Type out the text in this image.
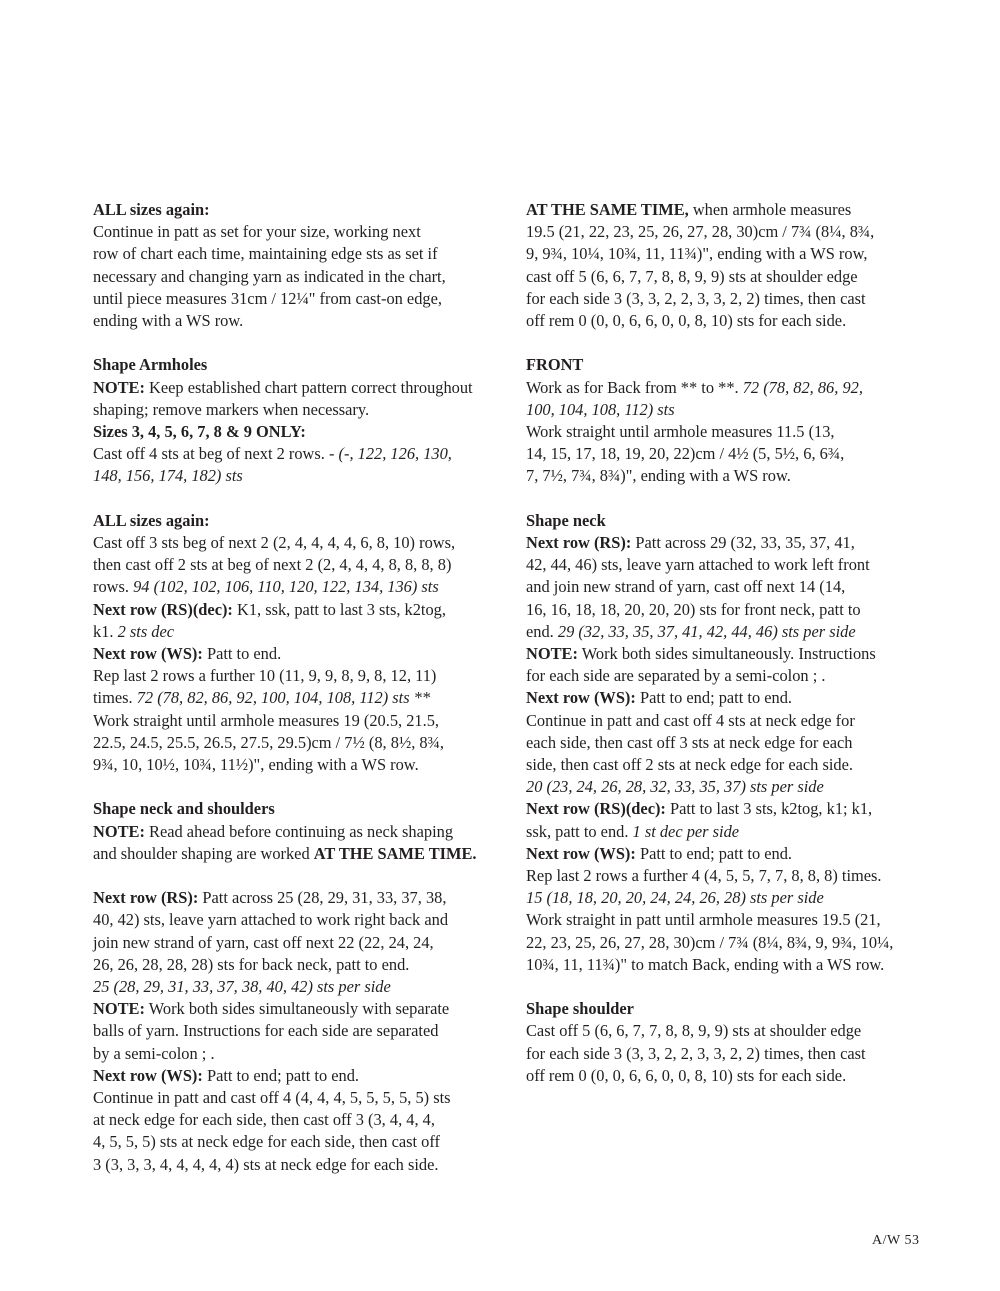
ALL sizes again:
Continue in patt as set for your size, working next
row of chart each time, maintaining edge sts as set if
necessary and changing yarn as indicated in the chart,
until piece measures 31cm / 12¼" from cast-on edge,
ending with a WS row.
Shape Armholes
NOTE: Keep established chart pattern correct throughout
shaping; remove markers when necessary.
Sizes 3, 4, 5, 6, 7, 8 & 9 ONLY:
Cast off 4 sts at beg of next 2 rows. - (-, 122, 126, 130,
148, 156, 174, 182) sts
ALL sizes again:
Cast off 3 sts beg of next 2 (2, 4, 4, 4, 4, 6, 8, 10) rows,
then cast off 2 sts at beg of next 2 (2, 4, 4, 4, 8, 8, 8, 8)
rows. 94 (102, 102, 106, 110, 120, 122, 134, 136) sts
Next row (RS)(dec): K1, ssk, patt to last 3 sts, k2tog,
k1. 2 sts dec
Next row (WS): Patt to end.
Rep last 2 rows a further 10 (11, 9, 9, 8, 9, 8, 12, 11)
times. 72 (78, 82, 86, 92, 100, 104, 108, 112) sts **
Work straight until armhole measures 19 (20.5, 21.5,
22.5, 24.5, 25.5, 26.5, 27.5, 29.5)cm / 7½ (8, 8½, 8¾,
9¾, 10, 10½, 10¾, 11½)", ending with a WS row.
Shape neck and shoulders
NOTE: Read ahead before continuing as neck shaping
and shoulder shaping are worked AT THE SAME TIME.
Next row (RS): Patt across 25 (28, 29, 31, 33, 37, 38,
40, 42) sts, leave yarn attached to work right back and
join new strand of yarn, cast off next 22 (22, 24, 24,
26, 26, 28, 28, 28) sts for back neck, patt to end.
25 (28, 29, 31, 33, 37, 38, 40, 42) sts per side
NOTE: Work both sides simultaneously with separate
balls of yarn. Instructions for each side are separated
by a semi-colon ; .
Next row (WS): Patt to end; patt to end.
Continue in patt and cast off 4 (4, 4, 4, 5, 5, 5, 5, 5) sts
at neck edge for each side, then cast off 3 (3, 4, 4, 4,
4, 5, 5, 5) sts at neck edge for each side, then cast off
3 (3, 3, 3, 4, 4, 4, 4, 4) sts at neck edge for each side.
AT THE SAME TIME, when armhole measures
19.5 (21, 22, 23, 25, 26, 27, 28, 30)cm / 7¾ (8¼, 8¾,
9, 9¾, 10¼, 10¾, 11, 11¾)", ending with a WS row,
cast off 5 (6, 6, 7, 7, 8, 8, 9, 9) sts at shoulder edge
for each side 3 (3, 3, 2, 2, 3, 3, 2, 2) times, then cast
off rem 0 (0, 0, 6, 6, 0, 0, 8, 10) sts for each side.
FRONT
Work as for Back from ** to **. 72 (78, 82, 86, 92,
100, 104, 108, 112) sts
Work straight until armhole measures 11.5 (13,
14, 15, 17, 18, 19, 20, 22)cm / 4½ (5, 5½, 6, 6¾,
7, 7½, 7¾, 8¾)", ending with a WS row.
Shape neck
Next row (RS): Patt across 29 (32, 33, 35, 37, 41,
42, 44, 46) sts, leave yarn attached to work left front
and join new strand of yarn, cast off next 14 (14,
16, 16, 18, 18, 20, 20, 20) sts for front neck, patt to
end. 29 (32, 33, 35, 37, 41, 42, 44, 46) sts per side
NOTE: Work both sides simultaneously. Instructions
for each side are separated by a semi-colon ; .
Next row (WS): Patt to end; patt to end.
Continue in patt and cast off 4 sts at neck edge for
each side, then cast off 3 sts at neck edge for each
side, then cast off 2 sts at neck edge for each side.
20 (23, 24, 26, 28, 32, 33, 35, 37) sts per side
Next row (RS)(dec): Patt to last 3 sts, k2tog, k1; k1,
ssk, patt to end. 1 st dec per side
Next row (WS): Patt to end; patt to end.
Rep last 2 rows a further 4 (4, 5, 5, 7, 7, 8, 8, 8) times.
15 (18, 18, 20, 20, 24, 24, 26, 28) sts per side
Work straight in patt until armhole measures 19.5 (21,
22, 23, 25, 26, 27, 28, 30)cm / 7¾ (8¼, 8¾, 9, 9¾, 10¼,
10¾, 11, 11¾)" to match Back, ending with a WS row.
Shape shoulder
Cast off 5 (6, 6, 7, 7, 8, 8, 9, 9) sts at shoulder edge
for each side 3 (3, 3, 2, 2, 3, 3, 2, 2) times, then cast
off rem 0 (0, 0, 6, 6, 0, 0, 8, 10) sts for each side.
A/W 53
